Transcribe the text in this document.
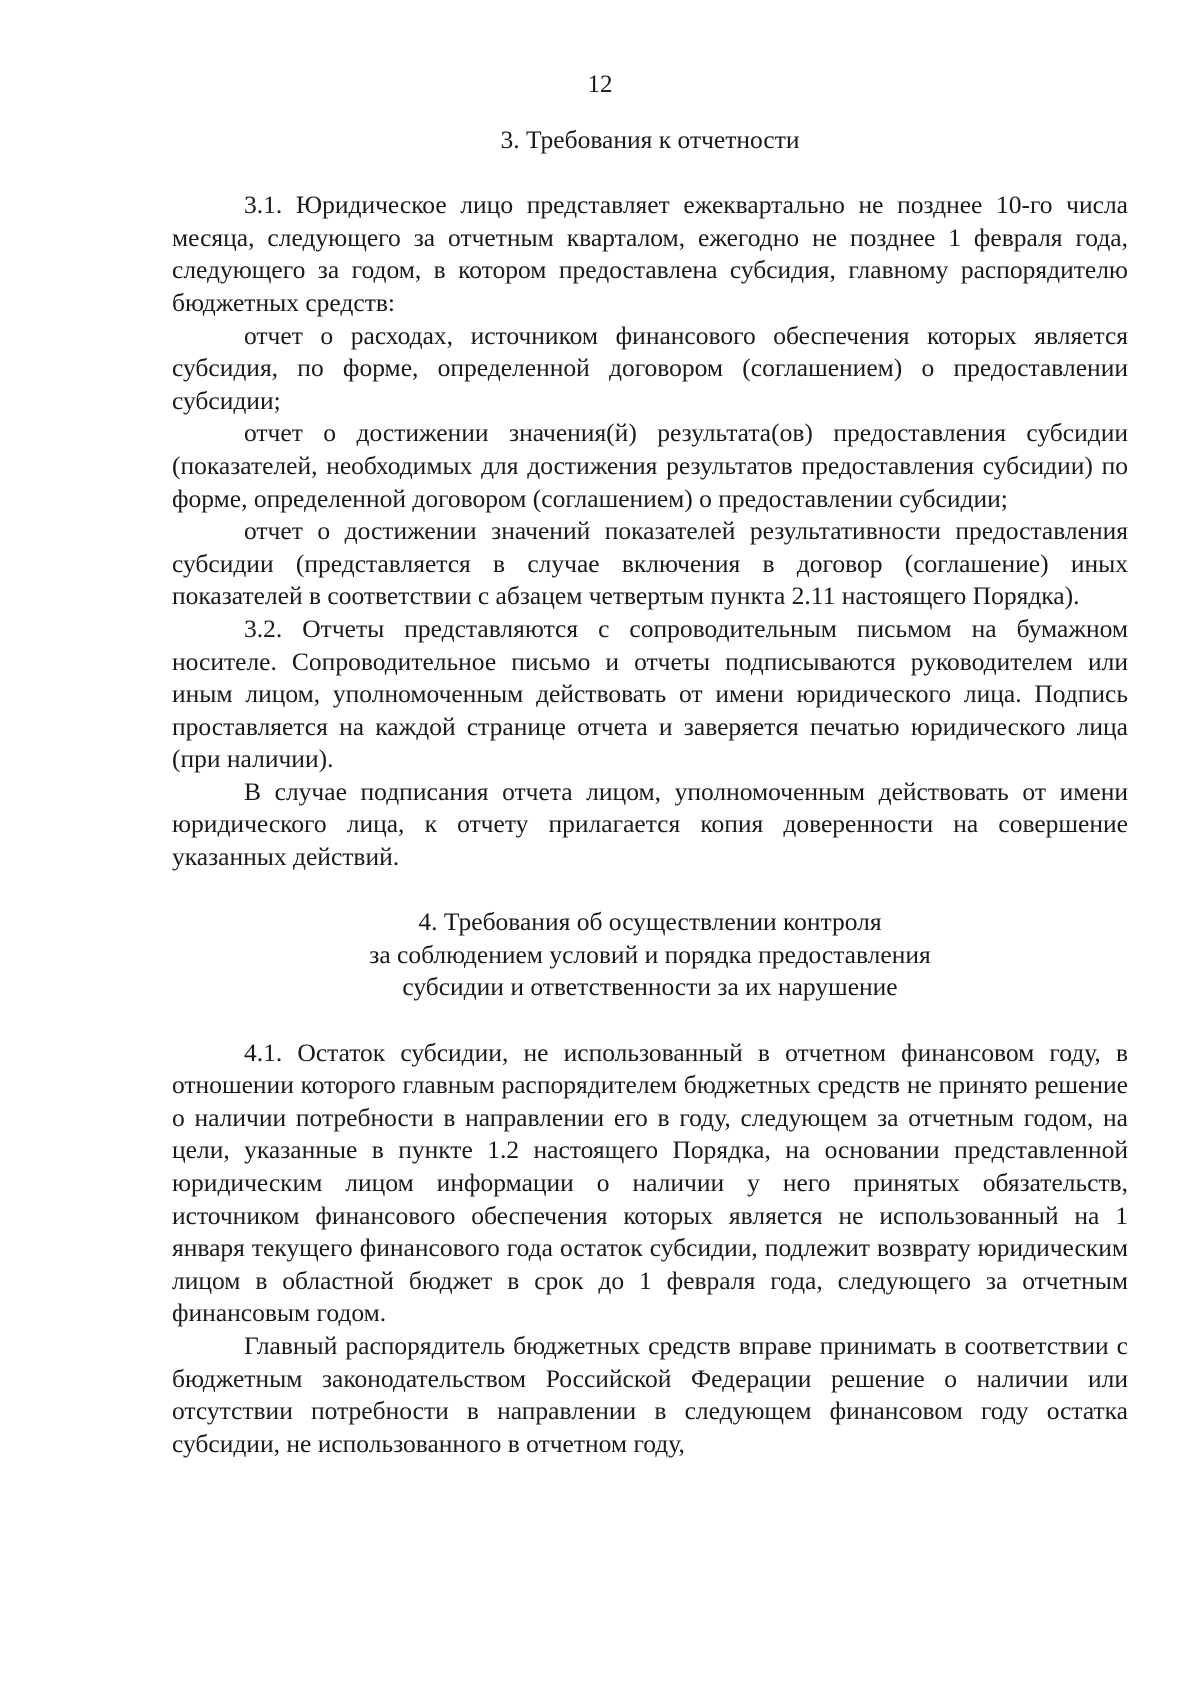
12

3. Требования к отчетности

3.1. Юридическое лицо представляет ежеквартально не позднее 10-го числа месяца, следующего за отчетным кварталом, ежегодно не позднее 1 февраля года, следующего за годом, в котором предоставлена субсидия, главному распорядителю бюджетных средств:

отчет о расходах, источником финансового обеспечения которых является субсидия, по форме, определенной договором (соглашением) о предоставлении субсидии;

отчет о достижении значения(й) результата(ов) предоставления субсидии (показателей, необходимых для достижения результатов предоставления субсидии) по форме, определенной договором (соглашением) о предоставлении субсидии;

отчет о достижении значений показателей результативности предоставления субсидии (представляется в случае включения в договор (соглашение) иных показателей в соответствии с абзацем четвертым пункта 2.11 настоящего Порядка).

3.2. Отчеты представляются с сопроводительным письмом на бумажном носителе. Сопроводительное письмо и отчеты подписываются руководителем или иным лицом, уполномоченным действовать от имени юридического лица. Подпись проставляется на каждой странице отчета и заверяется печатью юридического лица (при наличии).

В случае подписания отчета лицом, уполномоченным действовать от имени юридического лица, к отчету прилагается копия доверенности на совершение указанных действий.

4. Требования об осуществлении контроля
за соблюдением условий и порядка предоставления
субсидии и ответственности за их нарушение

4.1. Остаток субсидии, не использованный в отчетном финансовом году, в отношении которого главным распорядителем бюджетных средств не принято решение о наличии потребности в направлении его в году, следующем за отчетным годом, на цели, указанные в пункте 1.2 настоящего Порядка, на основании представленной юридическим лицом информации о наличии у него принятых обязательств, источником финансового обеспечения которых является не использованный на 1 января текущего финансового года остаток субсидии, подлежит возврату юридическим лицом в областной бюджет в срок до 1 февраля года, следующего за отчетным финансовым годом.

Главный распорядитель бюджетных средств вправе принимать в соответствии с бюджетным законодательством Российской Федерации решение о наличии или отсутствии потребности в направлении в следующем финансовом году остатка субсидии, не использованного в отчетном году,
